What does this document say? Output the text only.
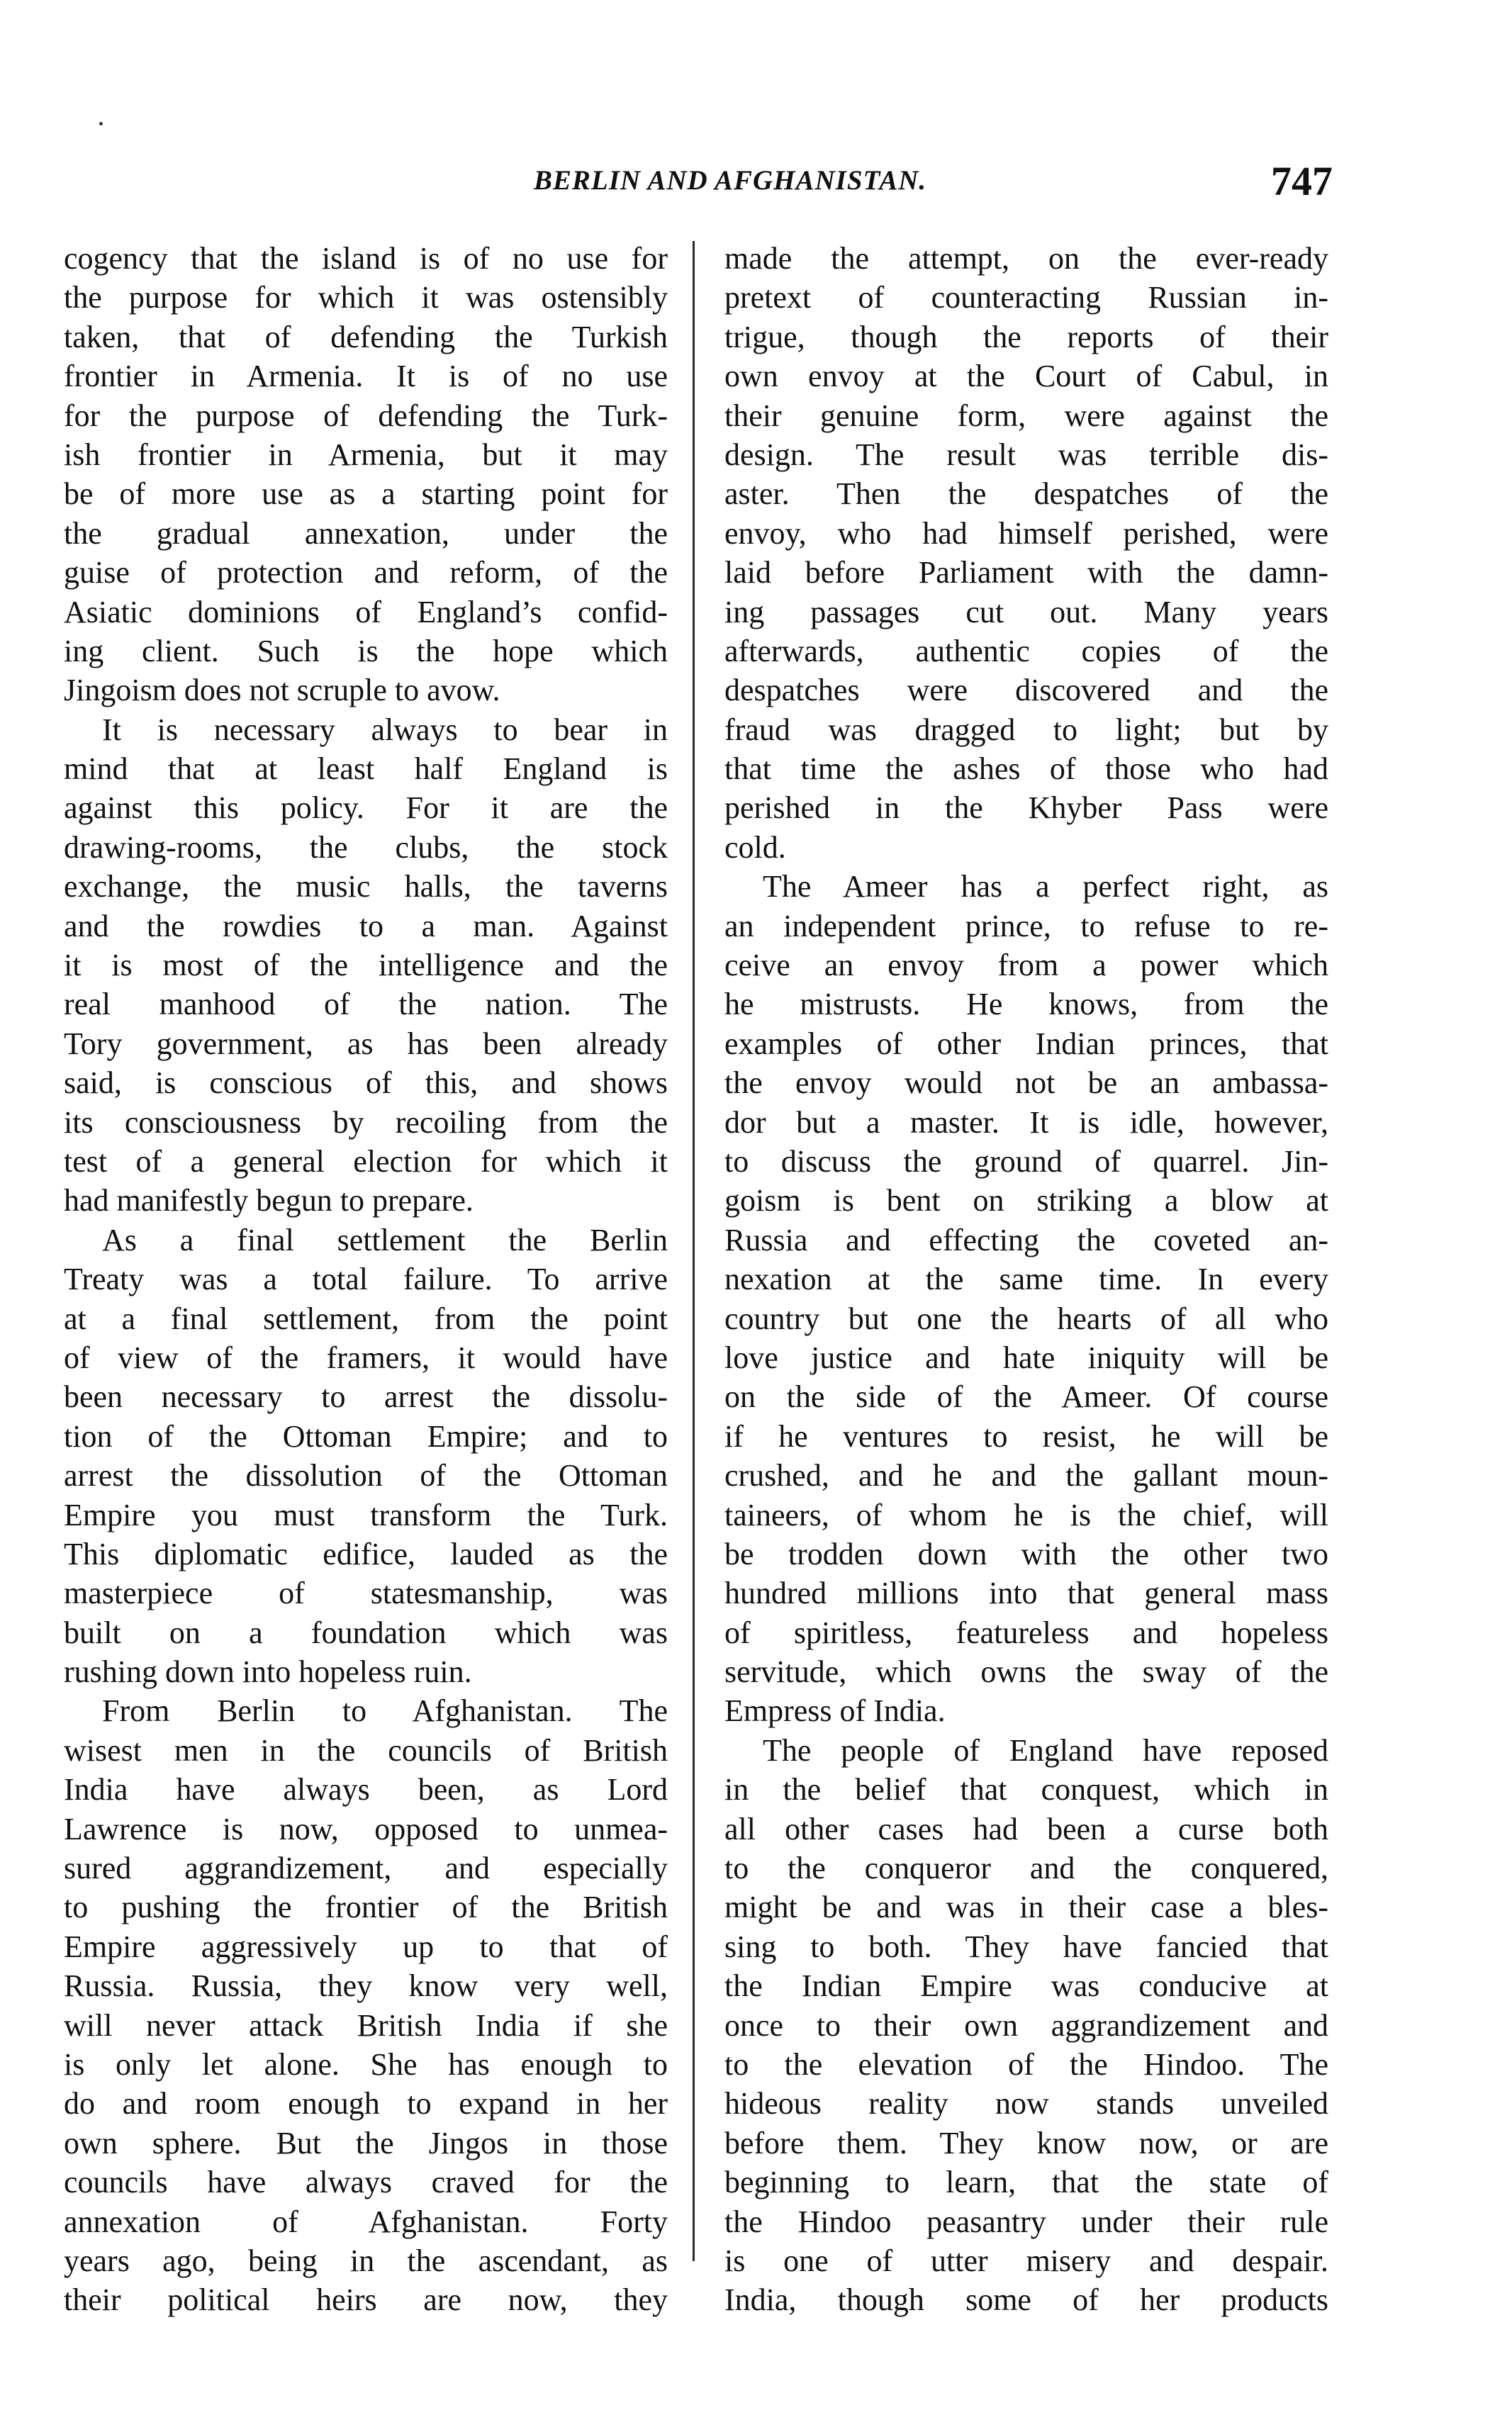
BERLIN AND AFGHANISTAN.	747
cogency that the island is of no use for
the purpose for which it was ostensibly
taken, that of defending the Turkish
frontier in Armenia. It is of no use
for the purpose of defending the Turk-
ish frontier in Armenia, but it may
be of more use as a starting point for
the gradual annexation, under the
guise of protection and reform, of the
Asiatic dominions of England’s confid-
ing client. Such is the hope which
Jingoism does not scruple to avow.
It is necessary always to bear in
mind that at least half England is
against this policy. For it are the
drawing-rooms, the clubs, the stock
exchange, the music halls, the taverns
and the rowdies to a man. Against
it is most of the intelligence and the
real manhood of the nation. The
Tory government, as has been already
said, is conscious of this, and shows
its consciousness by recoiling from the
test of a general election for which it
had manifestly begun to prepare.
As a final settlement the Berlin
Treaty was a total failure. To arrive
at a final settlement, from the point
of view of the framers, it would have
been necessary to arrest the dissolu-
tion of the Ottoman Empire; and to
arrest the dissolution of the Ottoman
Empire you must transform the Turk.
This diplomatic edifice, lauded as the
masterpiece of statesmanship, was
built on a foundation which was
rushing down into hopeless ruin.
From Berlin to Afghanistan. The
wisest men in the councils of British
India have always been, as Lord
Lawrence is now, opposed to unmea-
sured aggrandizement, and especially
to pushing the frontier of the British
Empire aggressively up to that of
Russia. Russia, they know very well,
will never attack British India if she
is only let alone. She has enough to
do and room enough to expand in her
own sphere. But the Jingos in those
councils have always craved for the
annexation of Afghanistan. Forty
years ago, being in the ascendant, as
their political heirs are now, they
made the attempt, on the ever-ready
pretext of counteracting Russian in-
trigue, though the reports of their
own envoy at the Court of Cabul, in
their genuine form, were against the
design. The result was terrible dis-
aster. Then the despatches of the
envoy, who had himself perished, were
laid before Parliament with the damn-
ing passages cut out. Many years
afterwards, authentic copies of the
despatches were discovered and the
fraud was dragged to light; but by
that time the ashes of those who had
perished in the Khyber Pass were
cold.
The Ameer has a perfect right, as
an independent prince, to refuse to re-
ceive an envoy from a power which
he mistrusts. He knows, from the
examples of other Indian princes, that
the envoy would not be an ambassa-
dor but a master. It is idle, however,
to discuss the ground of quarrel. Jin-
goism is bent on striking a blow at
Russia and effecting the coveted an-
nexation at the same time. In every
country but one the hearts of all who
love justice and hate iniquity will be
on the side of the Ameer. Of course
if he ventures to resist, he will be
crushed, and he and the gallant moun-
taineers, of whom he is the chief, will
be trodden down with the other two
hundred millions into that general mass
of spiritless, featureless and hopeless
servitude, which owns the sway of the
Empress of India.
The people of England have reposed
in the belief that conquest, which in
all other cases had been a curse both
to the conqueror and the conquered,
might be and was in their case a bles-
sing to both. They have fancied that
the Indian Empire was conducive at
once to their own aggrandizement and
to the elevation of the Hindoo. The
hideous reality now stands unveiled
before them. They know now, or are
beginning to learn, that the state of
the Hindoo peasantry under their rule
is one of utter misery and despair.
India, though some of her products
